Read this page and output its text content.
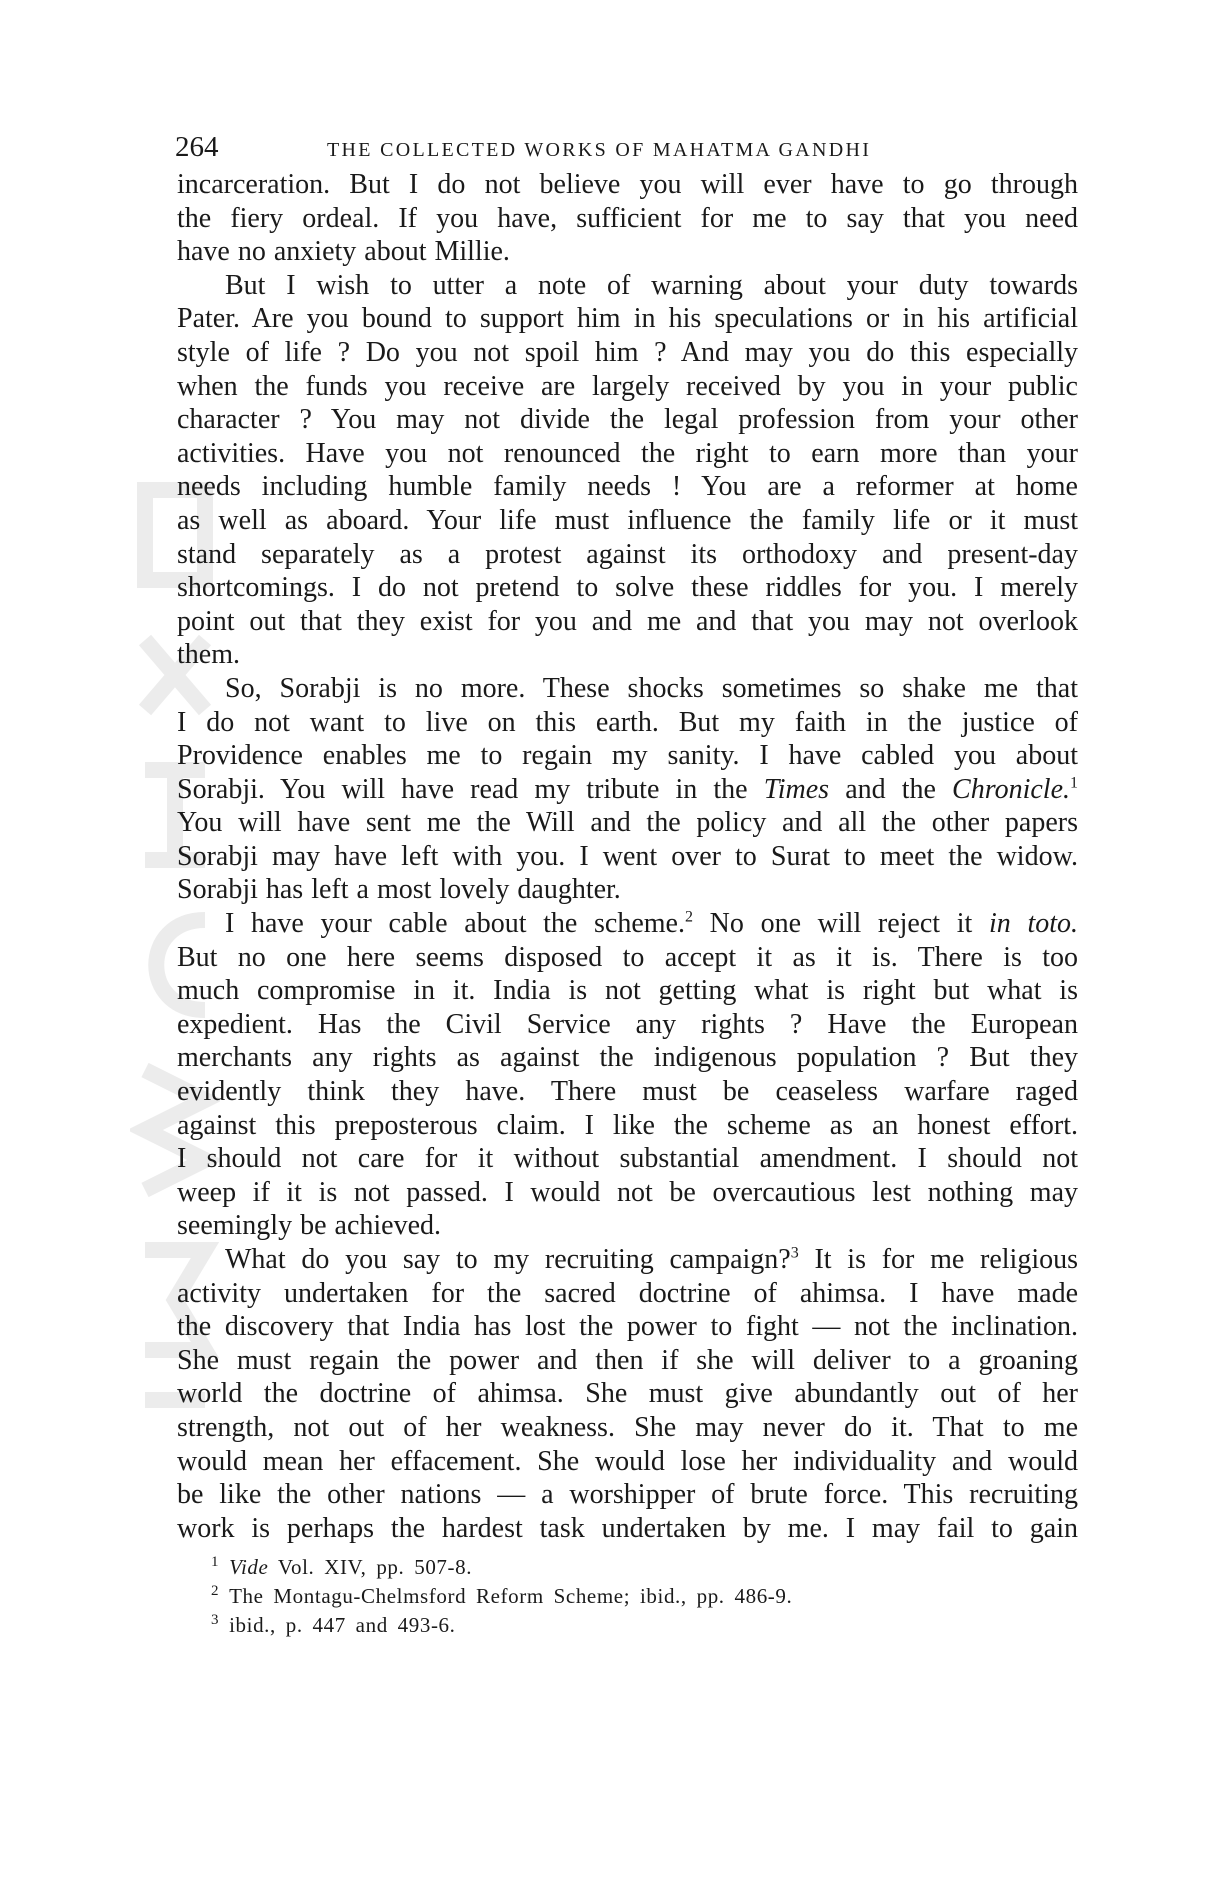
264	THE COLLECTED WORKS OF MAHATMA GANDHI

incarceration. But I do not believe you will ever have to go through

the fiery ordeal. If you have, sufficient for me to say that you need

have no anxiety about Millie.

But I wish to utter a note of warning about your duty towards

Pater. Are you bound to support him in his speculations or in his artificial

style of life ? Do you not spoil him ? And may you do this especially

when the funds you receive are largely received by you in your public

character ? You may not divide the legal profession from your other

activities. Have you not renounced the right to earn more than your

needs including humble family needs ! You are a reformer at home

as well as aboard. Your life must influence the family life or it must

stand separately as a protest against its orthodoxy and present-day

shortcomings. I do not pretend to solve these riddles for you. I merely

point out that they exist for you and me and that you may not overlook

them.

So, Sorabji is no more. These shocks sometimes so shake me that

I do not want to live on this earth. But my faith in the justice of

Providence enables me to regain my sanity. I have cabled you about

Sorabji. You will have read my tribute in the Times and the Chronicle.$^1$

You will have sent me the Will and the policy and all the other papers

Sorabji may have left with you. I went over to Surat to meet the widow.

Sorabji has left a most lovely daughter.

I have your cable about the scheme.$^2$ No one will reject it in toto.

But no one here seems disposed to accept it as it is. There is too

much compromise in it. India is not getting what is right but what is

expedient. Has the Civil Service any rights ? Have the European

merchants any rights as against the indigenous population ? But they

evidently think they have. There must be ceaseless warfare raged

against this preposterous claim. I like the scheme as an honest effort.

I should not care for it without substantial amendment. I should not

weep if it is not passed. I would not be overcautious lest nothing may

seemingly be achieved.

What do you say to my recruiting campaign?$^3$ It is for me religious

activity undertaken for the sacred doctrine of ahimsa. I have made

the discovery that India has lost the power to fight — not the inclination.

She must regain the power and then if she will deliver to a groaning

world the doctrine of ahimsa. She must give abundantly out of her

strength, not out of her weakness. She may never do it. That to me

would mean her effacement. She would lose her individuality and would

be like the other nations — a worshipper of brute force. This recruiting

work is perhaps the hardest task undertaken by me. I may fail to gain

$^1$ Vide Vol. XIV, pp. 507-8.
$^2$ The Montagu-Chelmsford Reform Scheme; ibid., pp. 486-9.
$^3$ ibid., p. 447 and 493-6.
